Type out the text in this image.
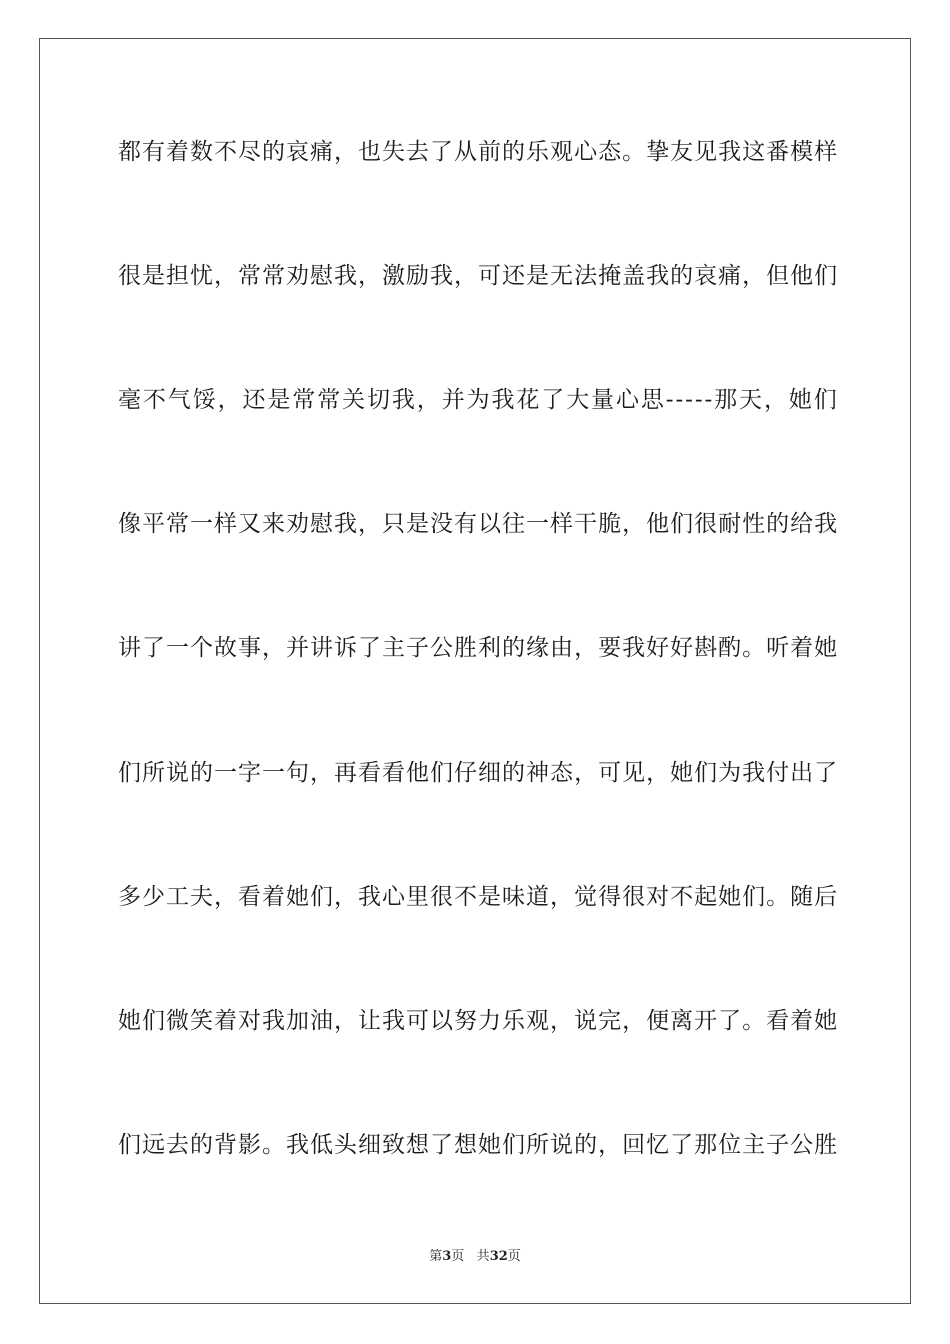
都有着数不尽的哀痛，也失去了从前的乐观心态。挚友见我这番模样
很是担忧，常常劝慰我，激励我，可还是无法掩盖我的哀痛，但他们
毫不气馁，还是常常关切我，并为我花了大量心思-----那天，她们
像平常一样又来劝慰我，只是没有以往一样干脆，他们很耐性的给我
讲了一个故事，并讲诉了主子公胜利的缘由，要我好好斟酌。听着她
们所说的一字一句，再看看他们仔细的神态，可见，她们为我付出了
多少工夫，看着她们，我心里很不是味道，觉得很对不起她们。随后
她们微笑着对我加油，让我可以努力乐观，说完，便离开了。看着她
们远去的背影。我低头细致想了想她们所说的，回忆了那位主子公胜
第3页 共32页
